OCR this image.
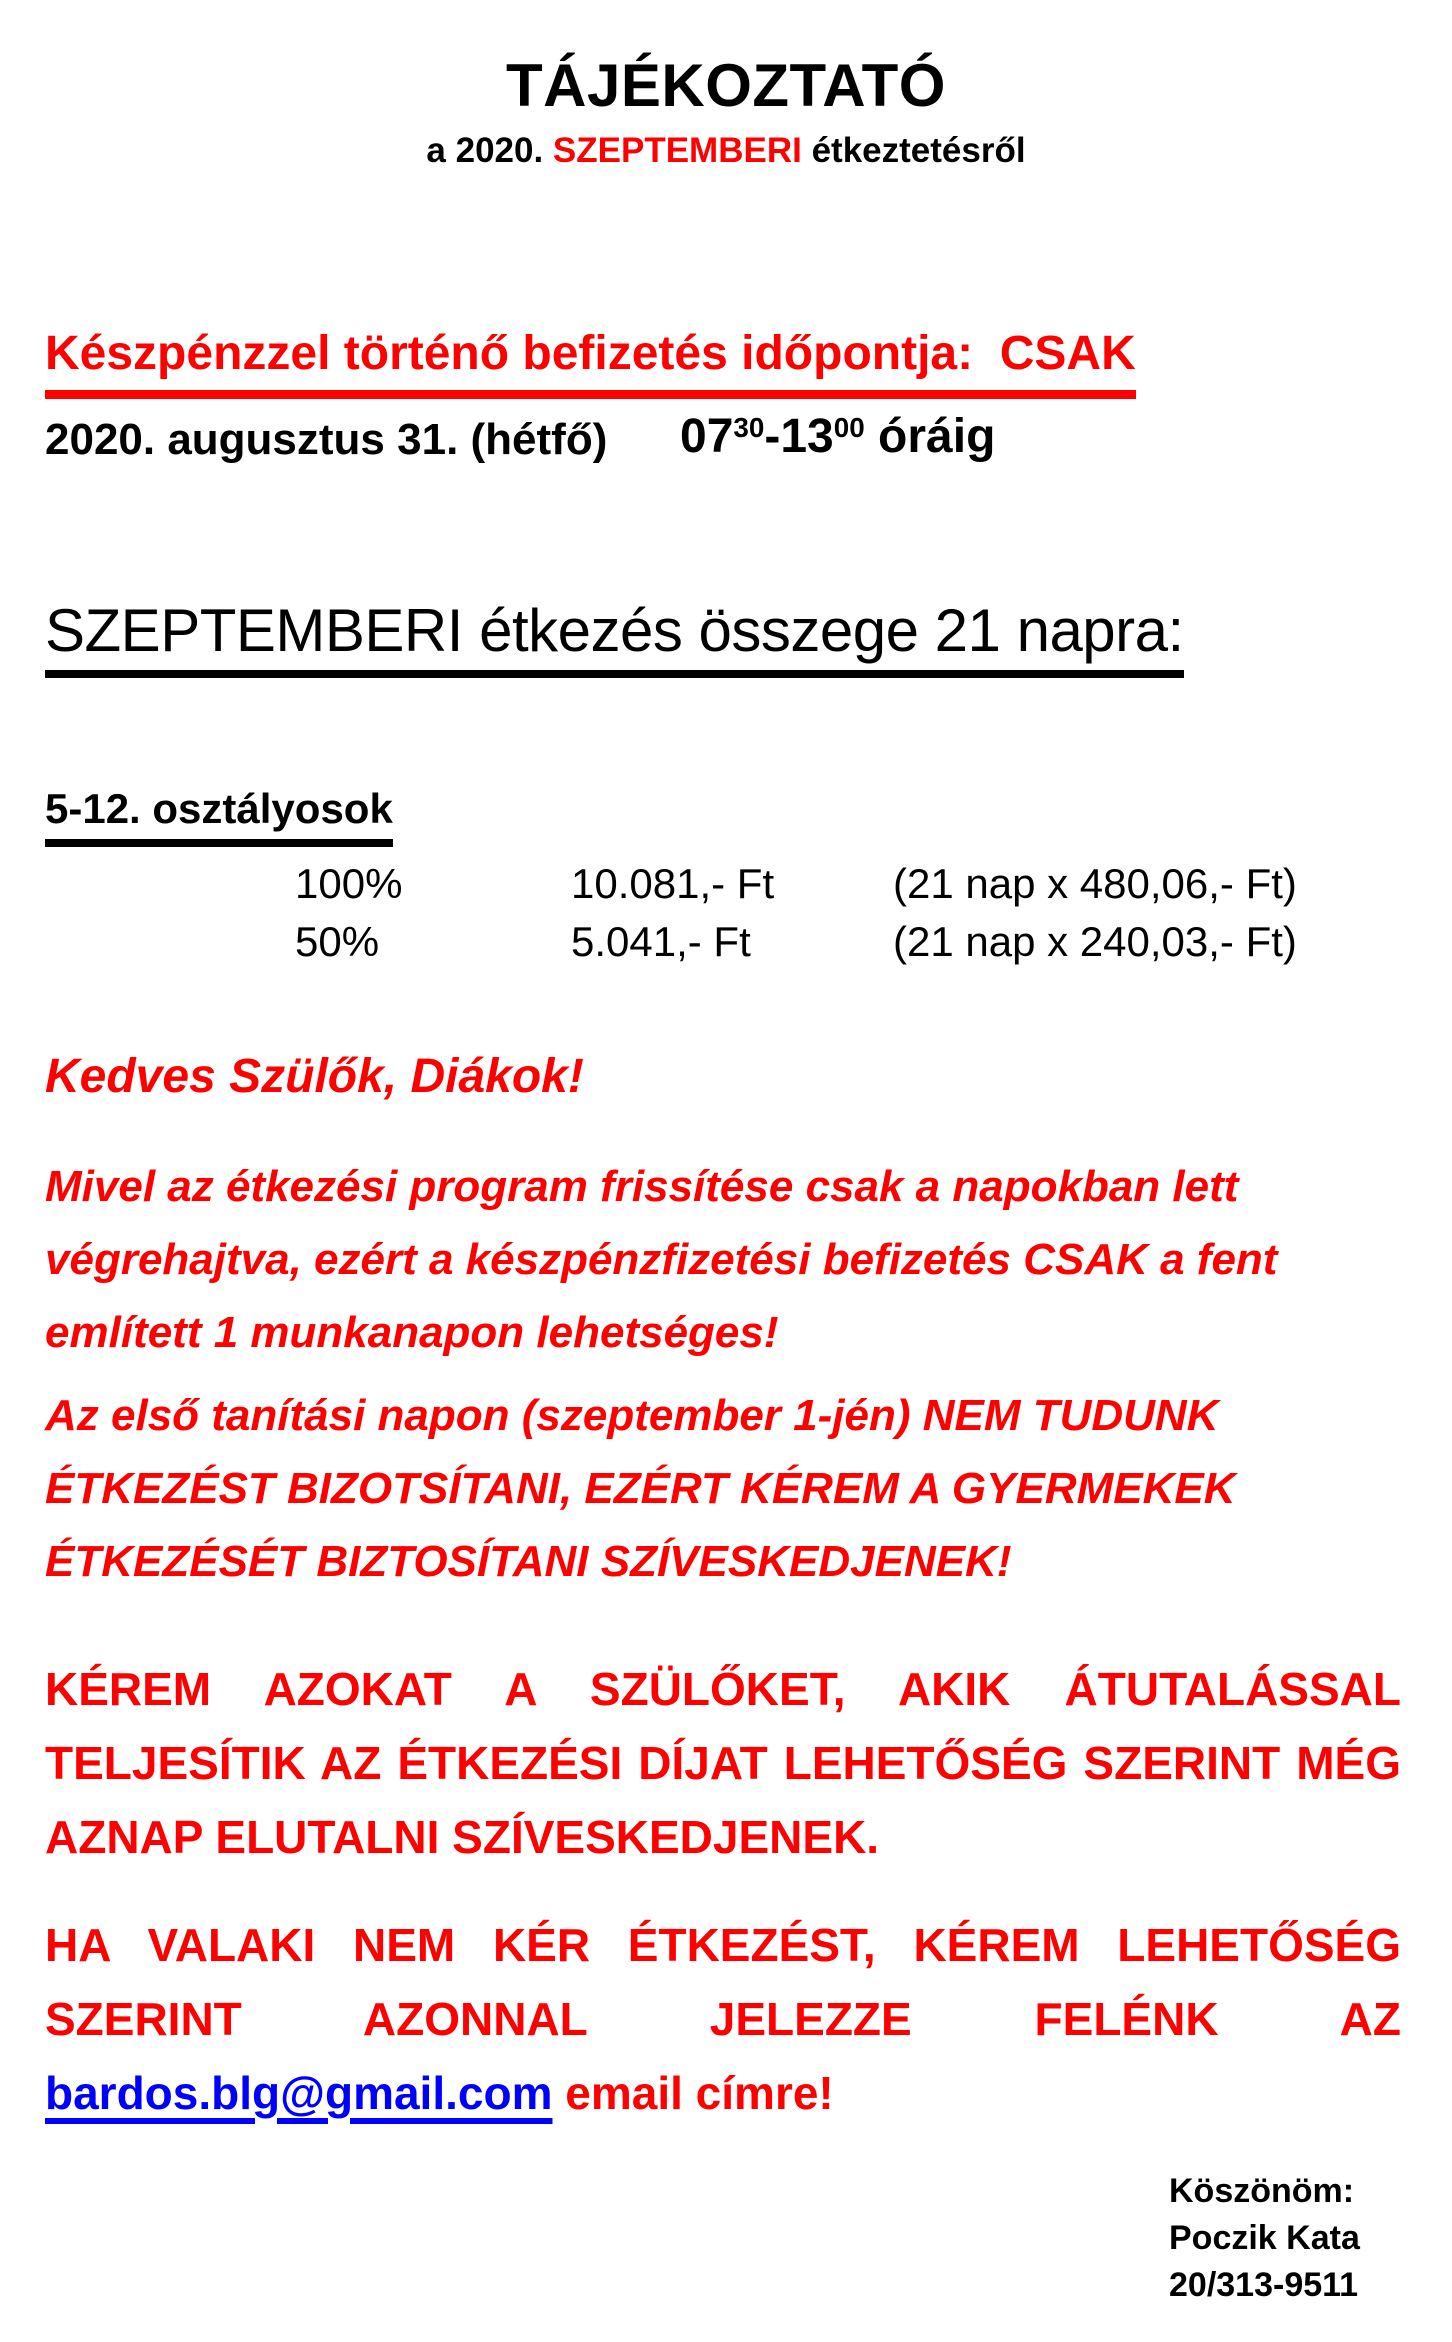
TÁJÉKOZTATÓ

a 2020. SZEPTEMBERI étkeztetésről

Készpénzzel történő befizetés időpontja:  CSAK
2020. augusztus 31. (hétfő) $07^{30}-13^{00}$ óráig
SZEPTEMBERI étkezés összege 21 napra:
5-12. osztályosok
100%	10.081,- Ft	(21 nap x 480,06,- Ft)
50%	5.041,- Ft	(21 nap x 240,03,- Ft)

Kedves Szülők, Diákok!

Mivel az étkezési program frissítése csak a napokban lett végrehajtva, ezért a készpénzfizetési befizetés CSAK a fent említett 1 munkanapon lehetséges!

Az első tanítási napon (szeptember 1-jén) NEM TUDUNK ÉTKEZÉST BIZOTSÍTANI, EZÉRT KÉREM A GYERMEKEK ÉTKEZÉSÉT BIZTOSÍTANI SZÍVESKEDJENEK!

KÉREM AZOKAT A SZÜLŐKET, AKIK ÁTUTALÁSSAL TELJESÍTIK AZ ÉTKEZÉSI DÍJAT LEHETŐSÉG SZERINT MÉG AZNAP ELUTALNI SZÍVESKEDJENEK.

HA VALAKI NEM KÉR ÉTKEZÉST, KÉREM LEHETŐSÉG SZERINT AZONNAL JELEZZE FELÉNK AZ bardos.blg@gmail.com email címre!

Köszönöm:

Poczik Kata

20/313-9511
